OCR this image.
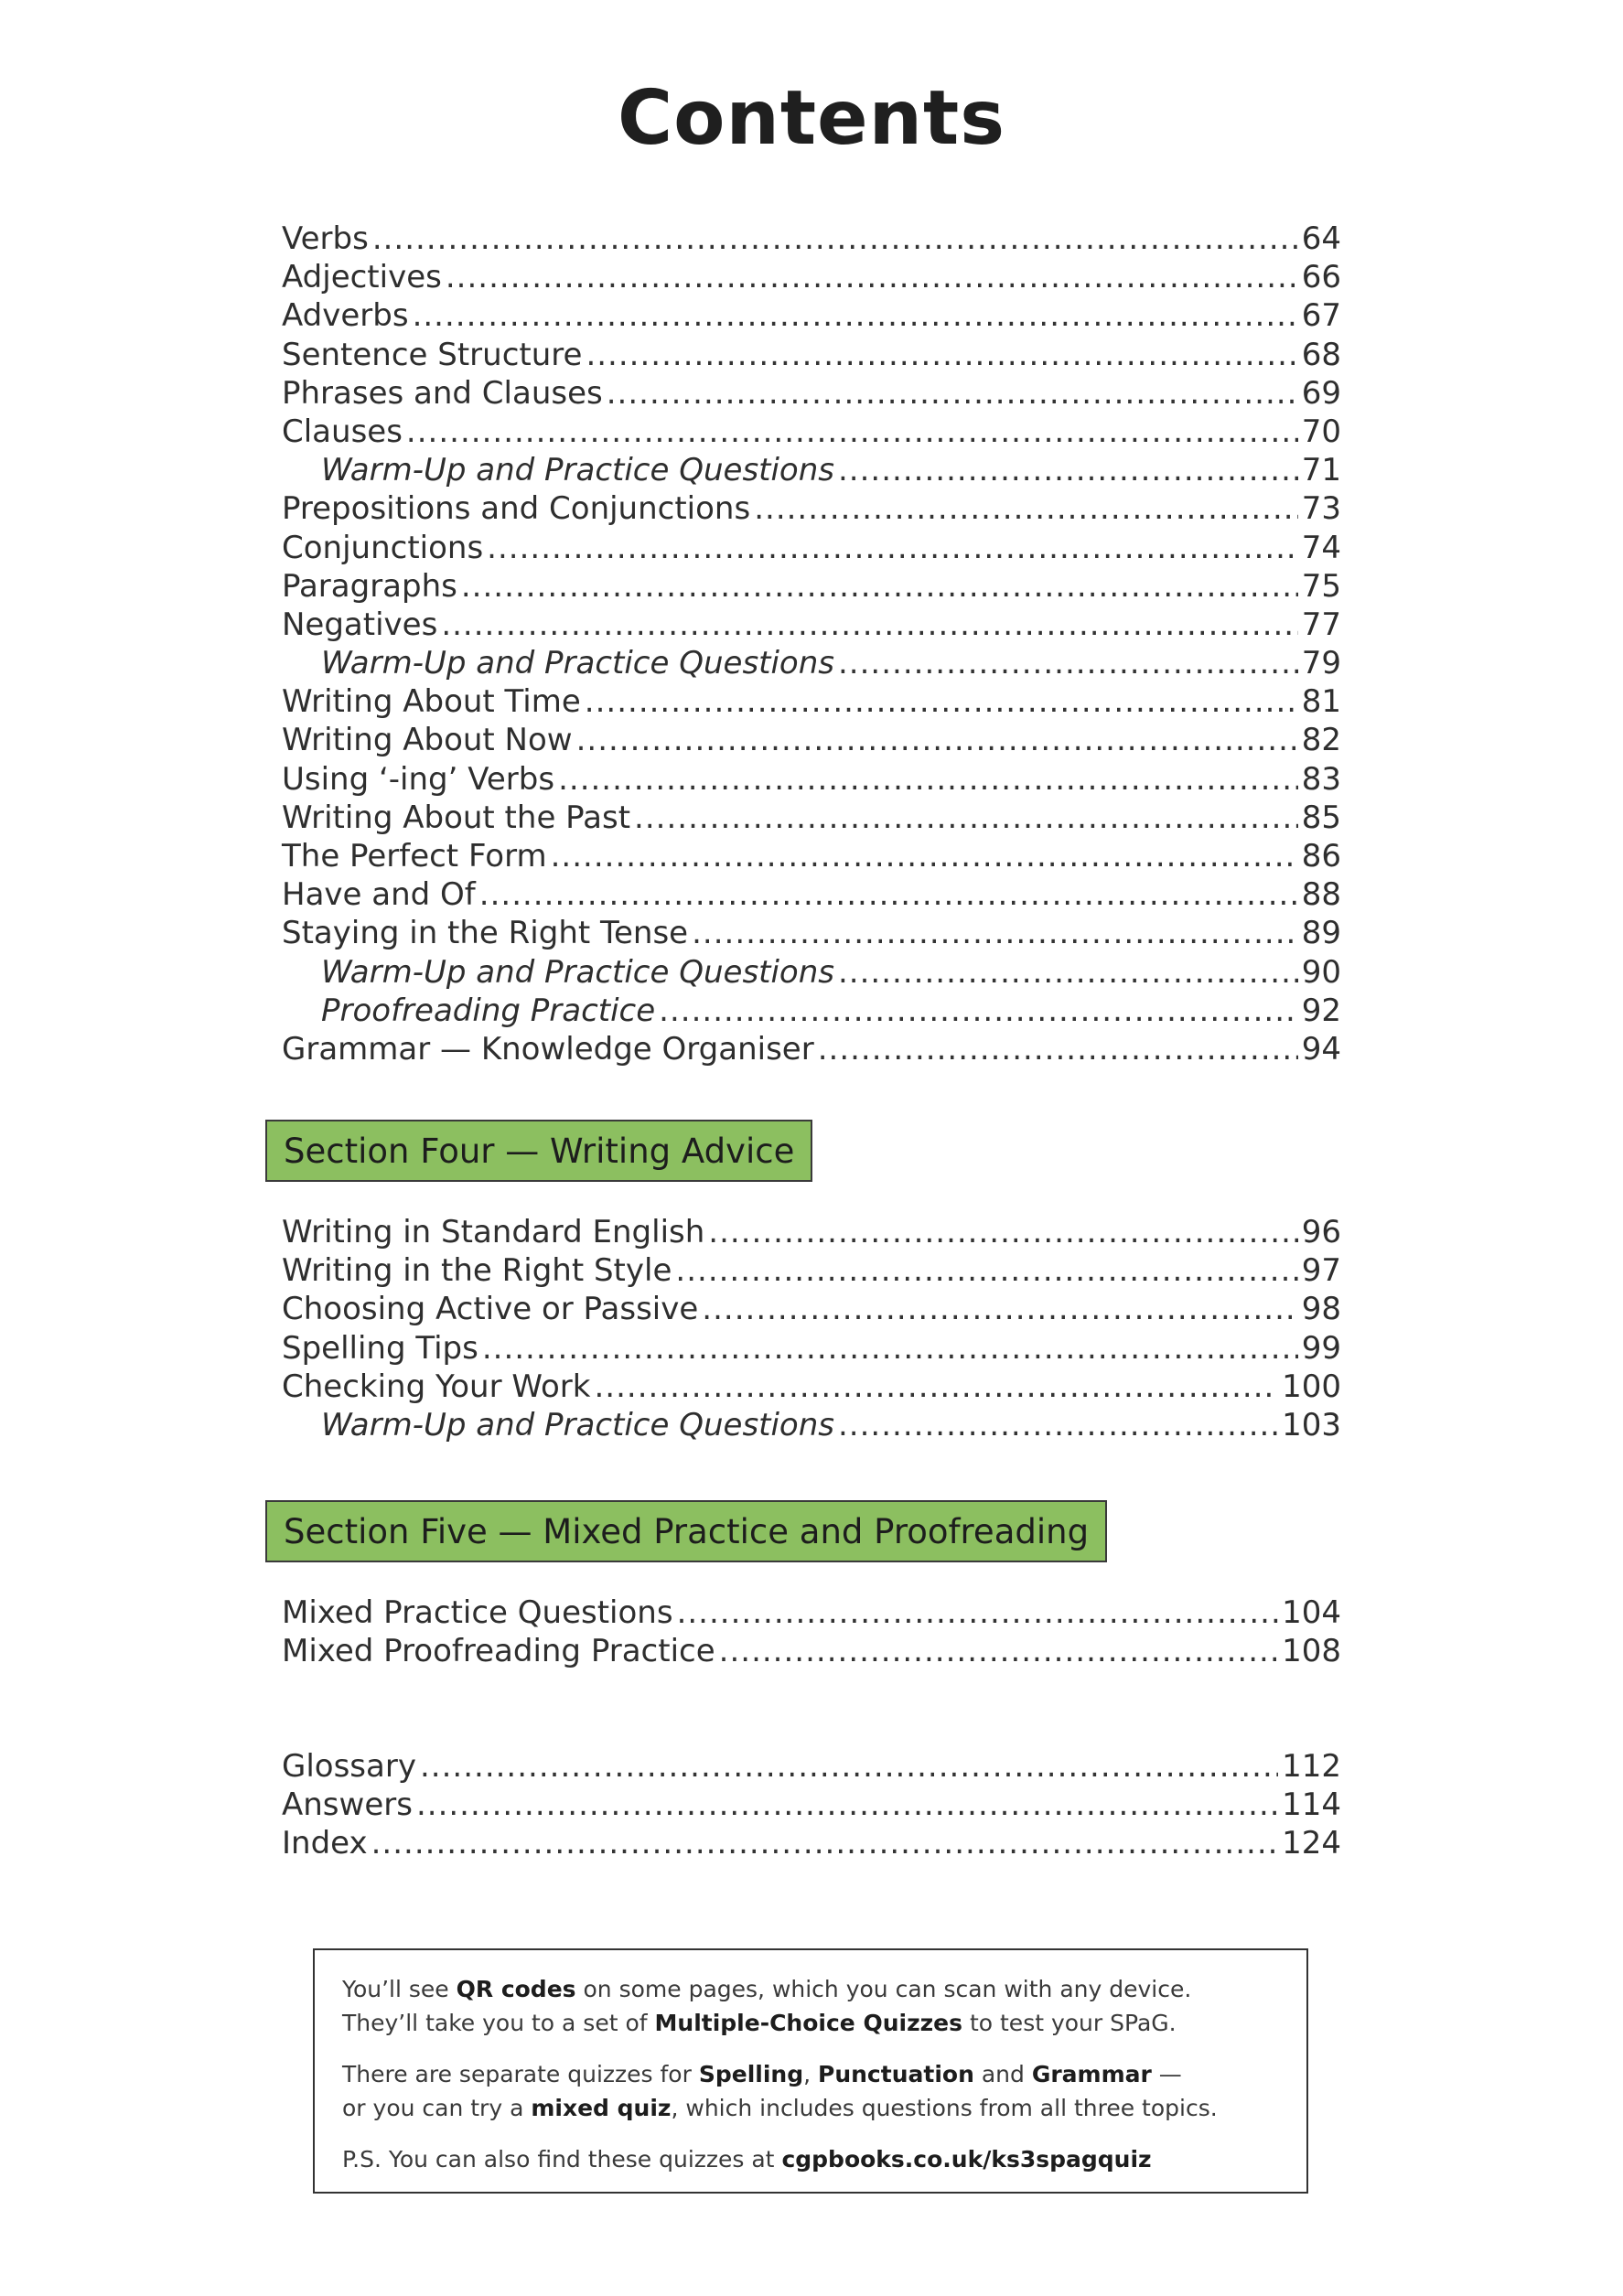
Contents
Verbs .....	64
Adjectives .....	66
Adverbs .....	67
Sentence Structure .....	68
Phrases and Clauses .....	69
Clauses .....	70
Warm-Up and Practice Questions .....	71
Prepositions and Conjunctions .....	73
Conjunctions .....	74
Paragraphs .....	75
Negatives .....	77
Warm-Up and Practice Questions .....	79
Writing About Time .....	81
Writing About Now .....	82
Using ‘-ing’ Verbs .....	83
Writing About the Past .....	85
The Perfect Form .....	86
Have and Of .....	88
Staying in the Right Tense .....	89
Warm-Up and Practice Questions .....	90
Proofreading Practice .....	92
Grammar — Knowledge Organiser .....	94
Section Four — Writing Advice
Writing in Standard English .....	96
Writing in the Right Style .....	97
Choosing Active or Passive .....	98
Spelling Tips .....	99
Checking Your Work .....	100
Warm-Up and Practice Questions .....	103
Section Five — Mixed Practice and Proofreading
Mixed Practice Questions .....	104
Mixed Proofreading Practice .....	108
Glossary .....	112
Answers .....	114
Index .....	124

You’ll see QR codes on some pages, which you can scan with any device.

They’ll take you to a set of Multiple-Choice Quizzes to test your SPaG.

There are separate quizzes for Spelling, Punctuation and Grammar —

or you can try a mixed quiz, which includes questions from all three topics.

P.S. You can also find these quizzes at cgpbooks.co.uk/ks3spagquiz
